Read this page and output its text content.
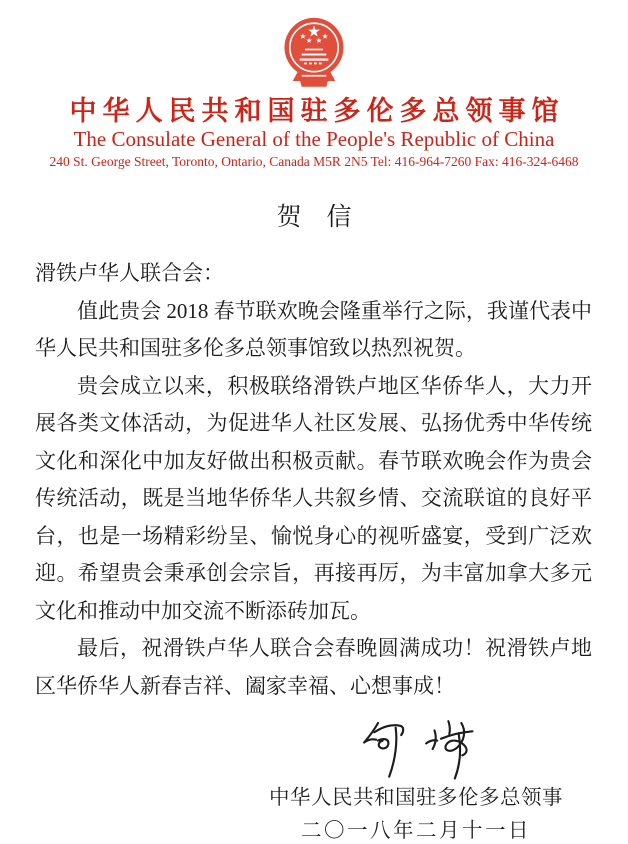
中华人民共和国驻多伦多总领事馆
The Consulate General of the People's Republic of China
240 St. George Street, Toronto, Ontario, Canada M5R 2N5 Tel: 416-964-7260 Fax: 416-324-6468
贺　信
滑铁卢华人联合会：

值此贵会 2018 春节联欢晚会隆重举行之际，我谨代表中华人民共和国驻多伦多总领事馆致以热烈祝贺。

贵会成立以来，积极联络滑铁卢地区华侨华人，大力开展各类文体活动，为促进华人社区发展、弘扬优秀中华传统文化和深化中加友好做出积极贡献。春节联欢晚会作为贵会传统活动，既是当地华侨华人共叙乡情、交流联谊的良好平台，也是一场精彩纷呈、愉悦身心的视听盛宴，受到广泛欢迎。希望贵会秉承创会宗旨，再接再厉，为丰富加拿大多元文化和推动中加交流不断添砖加瓦。

最后，祝滑铁卢华人联合会春晚圆满成功！祝滑铁卢地区华侨华人新春吉祥、阖家幸福、心想事成！

中华人民共和国驻多伦多总领事
二〇一八年二月十一日
